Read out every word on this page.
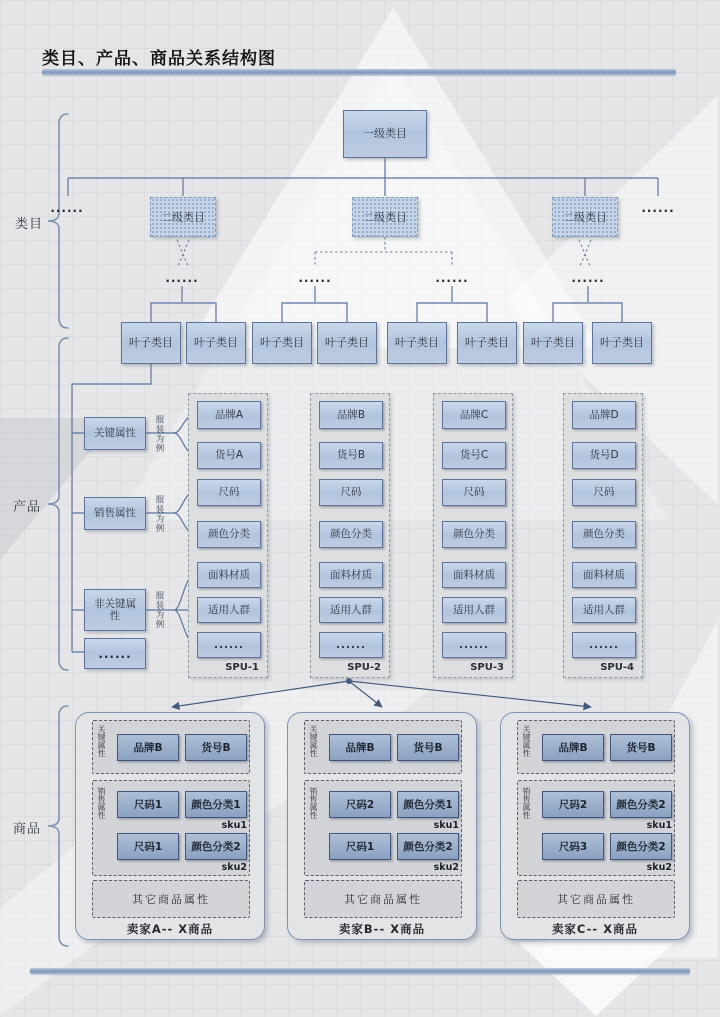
类目、产品、商品关系结构图
类目
产品
商品
一级类目
......
二级类目	二级类目	二级类目
......
......	......	......	......
叶子类目	叶子类目	叶子类目	叶子类目	叶子类目	叶子类目	叶子类目	叶子类目
关键属性
销售属性
非关键属性
......
服装为例
服装为例
服装为例
品牌A
货号A
尺码
颜色分类
面料材质
适用人群
......
SPU-1
品牌B
货号B
尺码
颜色分类
面料材质
适用人群
......
SPU-2
品牌C
货号C
尺码
颜色分类
面料材质
适用人群
......
SPU-3
品牌D
货号D
尺码
颜色分类
面料材质
适用人群
......
SPU-4
关键属性	品牌B	货号B
销售属性	尺码1	颜色分类1
sku1
尺码1	颜色分类2
sku2
其它商品属性
卖家A-- X商品
关键属性	品牌B	货号B
销售属性	尺码2	颜色分类1
sku1
尺码1	颜色分类2
sku2
其它商品属性
卖家B-- X商品
关键属性	品牌B	货号B
销售属性	尺码2	颜色分类2
sku1
尺码3	颜色分类2
sku2
其它商品属性
卖家C-- X商品
